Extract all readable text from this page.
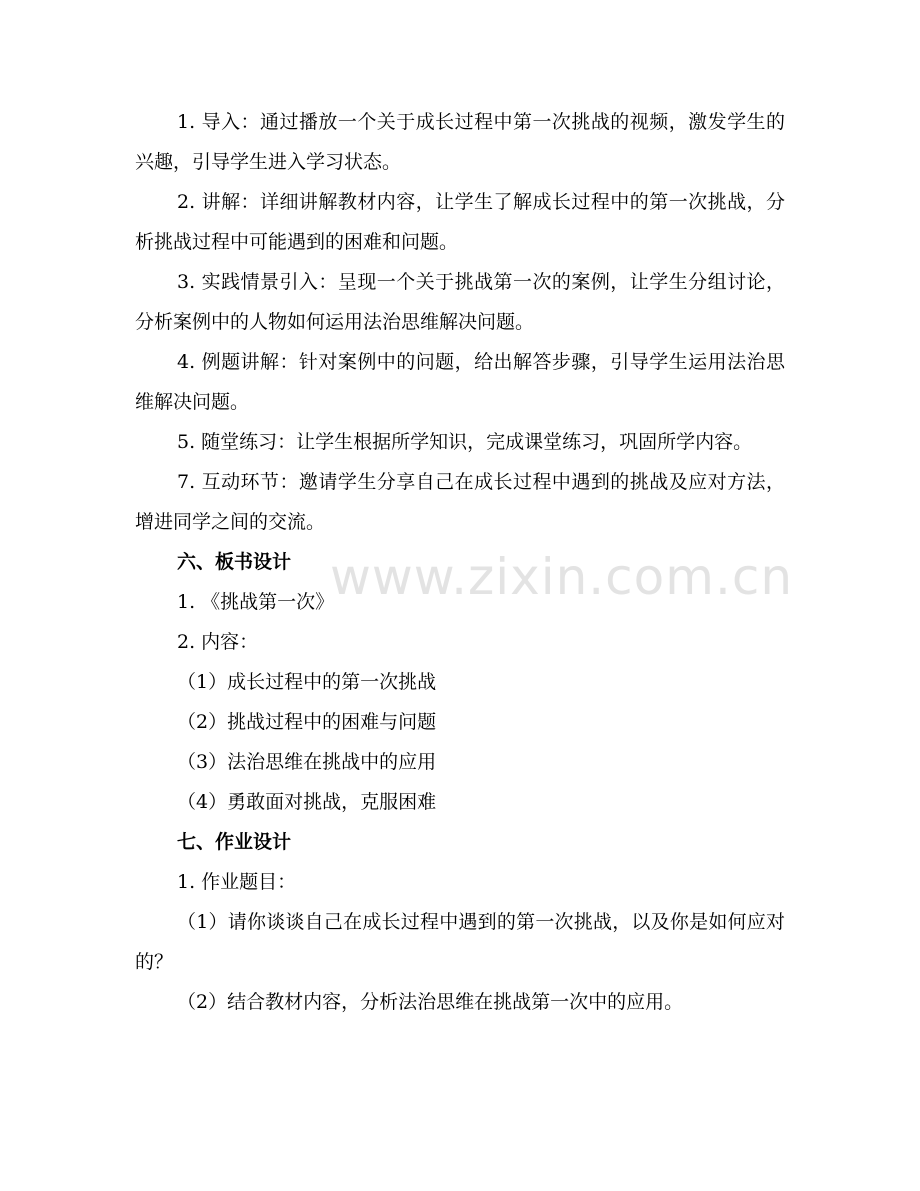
www.zixin.com.cn

1. 导入：通过播放一个关于成长过程中第一次挑战的视频，激发学生的兴趣，引导学生进入学习状态。

2. 讲解：详细讲解教材内容，让学生了解成长过程中的第一次挑战，分析挑战过程中可能遇到的困难和问题。

3. 实践情景引入：呈现一个关于挑战第一次的案例，让学生分组讨论，分析案例中的人物如何运用法治思维解决问题。

4. 例题讲解：针对案例中的问题，给出解答步骤，引导学生运用法治思维解决问题。

5. 随堂练习：让学生根据所学知识，完成课堂练习，巩固所学内容。

7. 互动环节：邀请学生分享自己在成长过程中遇到的挑战及应对方法，增进同学之间的交流。

六、板书设计

1. 《挑战第一次》

2. 内容：

（1）成长过程中的第一次挑战

（2）挑战过程中的困难与问题

（3）法治思维在挑战中的应用

（4）勇敢面对挑战，克服困难

七、作业设计

1. 作业题目：

（1）请你谈谈自己在成长过程中遇到的第一次挑战，以及你是如何应对的？

（2）结合教材内容，分析法治思维在挑战第一次中的应用。
